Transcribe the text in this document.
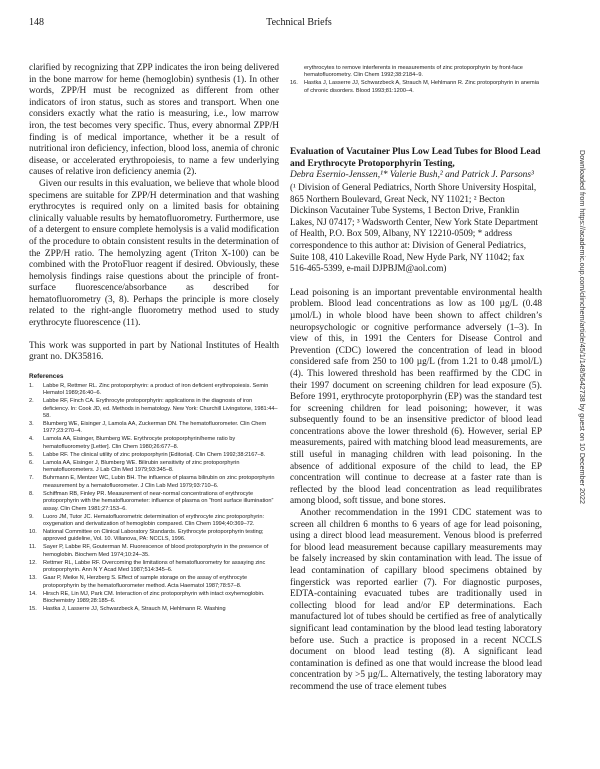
148	Technical Briefs

clarified by recognizing that ZPP indicates the iron being delivered in the bone marrow for heme (hemoglobin) synthesis (1). In other words, ZPP/H must be recognized as different from other indicators of iron status, such as stores and transport. When one considers exactly what the ratio is measuring, i.e., low marrow iron, the test becomes very specific. Thus, every abnormal ZPP/H finding is of medical importance, whether it be a result of nutritional iron deficiency, infection, blood loss, anemia of chronic disease, or accelerated erythropoiesis, to name a few underlying causes of relative iron deficiency anemia (2).

Given our results in this evaluation, we believe that whole blood specimens are suitable for ZPP/H determination and that washing erythrocytes is required only on a limited basis for obtaining clinically valuable results by hematofluorometry. Furthermore, use of a detergent to ensure complete hemolysis is a valid modification of the procedure to obtain consistent results in the determination of the ZPP/H ratio. The hemolyzing agent (Triton X-100) can be combined with the ProtoFluor reagent if desired. Obviously, these hemolysis findings raise questions about the principle of front-surface fluorescence/absorbance as described for hematofluorometry (3, 8). Perhaps the principle is more closely related to the right-angle fluorometry method used to study erythrocyte fluorescence (11).

This work was supported in part by National Institutes of Health grant no. DK35816.

References
1. Labbe R, Rettmer RL. Zinc protoporphyrin: a product of iron deficient erythropoiesis. Semin Hematol 1989;26:40–6.
2. Labbe RF, Finch CA. Erythrocyte protoporphyrin: applications in the diagnosis of iron deficiency. In: Cook JD, ed. Methods in hematology. New York: Churchill Livingstone, 1981:44–58.
3. Blumberg WE, Eisinger J, Lamola AA, Zuckerman DN. The hematofluorometer. Clin Chem 1977;23:270–4.
4. Lamola AA, Eisinger, Blumberg WE. Erythrocyte protoporphyrin/heme ratio by hematofluorometry [Letter]. Clin Chem 1980;26:677–8.
5. Labbe RF. The clinical utility of zinc protoporphyrin [Editorial]. Clin Chem 1992;38:2167–8.
6. Lamola AA, Eisinger J, Blumberg WE. Bilirubin sensitivity of zinc protoporphyrin hematofluorometers. J Lab Clin Med 1979;93:345–8.
7. Buhrmann E, Mentzer WC, Lubin BH. The influence of plasma bilirubin on zinc protoporphyrin measurement by a hematofluorometer. J Clin Lab Med 1979;93:710–6.
8. Schiffman RB, Finley PR. Measurement of near-normal concentrations of erythrocyte protoporphyrin with the hematofluorometer: influence of plasma on “front surface illumination” assay. Clin Chem 1981;27:153–6.
9. Luoro JM, Tutor JC. Hematofluorometric determination of erythrocyte zinc protoporphyrin: oxygenation and derivatization of hemoglobin compared. Clin Chem 1994;40:369–72.
10. National Committee on Clinical Laboratory Standards. Erythrocyte protoporphyrin testing; approved guideline, Vol. 10. Villanova, PA: NCCLS, 1996.
11. Sayer P, Labbe RF, Gouterman M. Fluorescence of blood protoporphyrin in the presence of hemoglobin. Biochem Med 1974;10:24–35.
12. Rettmer RL, Labbe RF. Overcoming the limitations of hematofluorometry for assaying zinc protoporphyrin. Ann N Y Acad Med 1987;514:345–6.
13. Gaar P, Meike N, Herzberg S. Effect of sample storage on the assay of erythrocyte protoporphyrin by the hematofluorometer method. Acta Haematol 1987;78:57–8.
14. Hirsch RE, Lin MJ, Park CM. Interaction of zinc protoporphyrin with intact oxyhemoglobin. Biochemistry 1989;28:185–6.
15. Hastka J, Lasserre JJ, Schwarzbeck A, Strauch M, Hehlmann R. Washing
erythrocytes to remove interferents in measurements of zinc protoporphyrin by front-face hematofluorometry. Clin Chem 1992;38:2184–9.
16. Hastka J, Lasserre JJ, Schwarzbeck A, Strauch M, Hehlmann R. Zinc protoporphyrin in anemia of chronic disorders. Blood 1993;81:1200–4.
Evaluation of Vacutainer Plus Low Lead Tubes for Blood Lead and Erythrocyte Protoporphyrin Testing,
Debra Esernio-Jenssen,¹* Valerie Bush,² and Patrick J. Parsons³
(¹ Division of General Pediatrics, North Shore University Hospital, 865 Northern Boulevard, Great Neck, NY 11021; ² Becton Dickinson Vacutainer Tube Systems, 1 Becton Drive, Franklin Lakes, NJ 07417; ³ Wadsworth Center, New York State Department of Health, P.O. Box 509, Albany, NY 12210-0509; * address correspondence to this author at: Division of General Pediatrics, Suite 108, 410 Lakeville Road, New Hyde Park, NY 11042; fax 516-465-5399, e-mail DJPBJM@aol.com)

Lead poisoning is an important preventable environmental health problem. Blood lead concentrations as low as 100 µg/L (0.48 µmol/L) in whole blood have been shown to affect children’s neuropsychologic or cognitive performance adversely (1–3). In view of this, in 1991 the Centers for Disease Control and Prevention (CDC) lowered the concentration of lead in blood considered safe from 250 to 100 µg/L (from 1.21 to 0.48 µmol/L) (4). This lowered threshold has been reaffirmed by the CDC in their 1997 document on screening children for lead exposure (5). Before 1991, erythrocyte protoporphyrin (EP) was the standard test for screening children for lead poisoning; however, it was subsequently found to be an insensitive predictor of blood lead concentrations above the lower threshold (6). However, serial EP measurements, paired with matching blood lead measurements, are still useful in managing children with lead poisoning. In the absence of additional exposure of the child to lead, the EP concentration will continue to decrease at a faster rate than is reflected by the blood lead concentration as lead requilibrates among blood, soft tissue, and bone stores.

Another recommendation in the 1991 CDC statement was to screen all children 6 months to 6 years of age for lead poisoning, using a direct blood lead measurement. Venous blood is preferred for blood lead measurement because capillary measurements may be falsely increased by skin contamination with lead. The issue of lead contamination of capillary blood specimens obtained by fingerstick was reported earlier (7). For diagnostic purposes, EDTA-containing evacuated tubes are traditionally used in collecting blood for lead and/or EP determinations. Each manufactured lot of tubes should be certified as free of analytically significant lead contamination by the blood lead testing laboratory before use. Such a practice is proposed in a recent NCCLS document on blood lead testing (8). A significant lead contamination is defined as one that would increase the blood lead concentration by >5 µg/L. Alternatively, the testing laboratory may recommend the use of trace element tubes

Downloaded from https://academic.oup.com/clinchem/article/45/1/148/5642738 by guest on 10 December 2022
